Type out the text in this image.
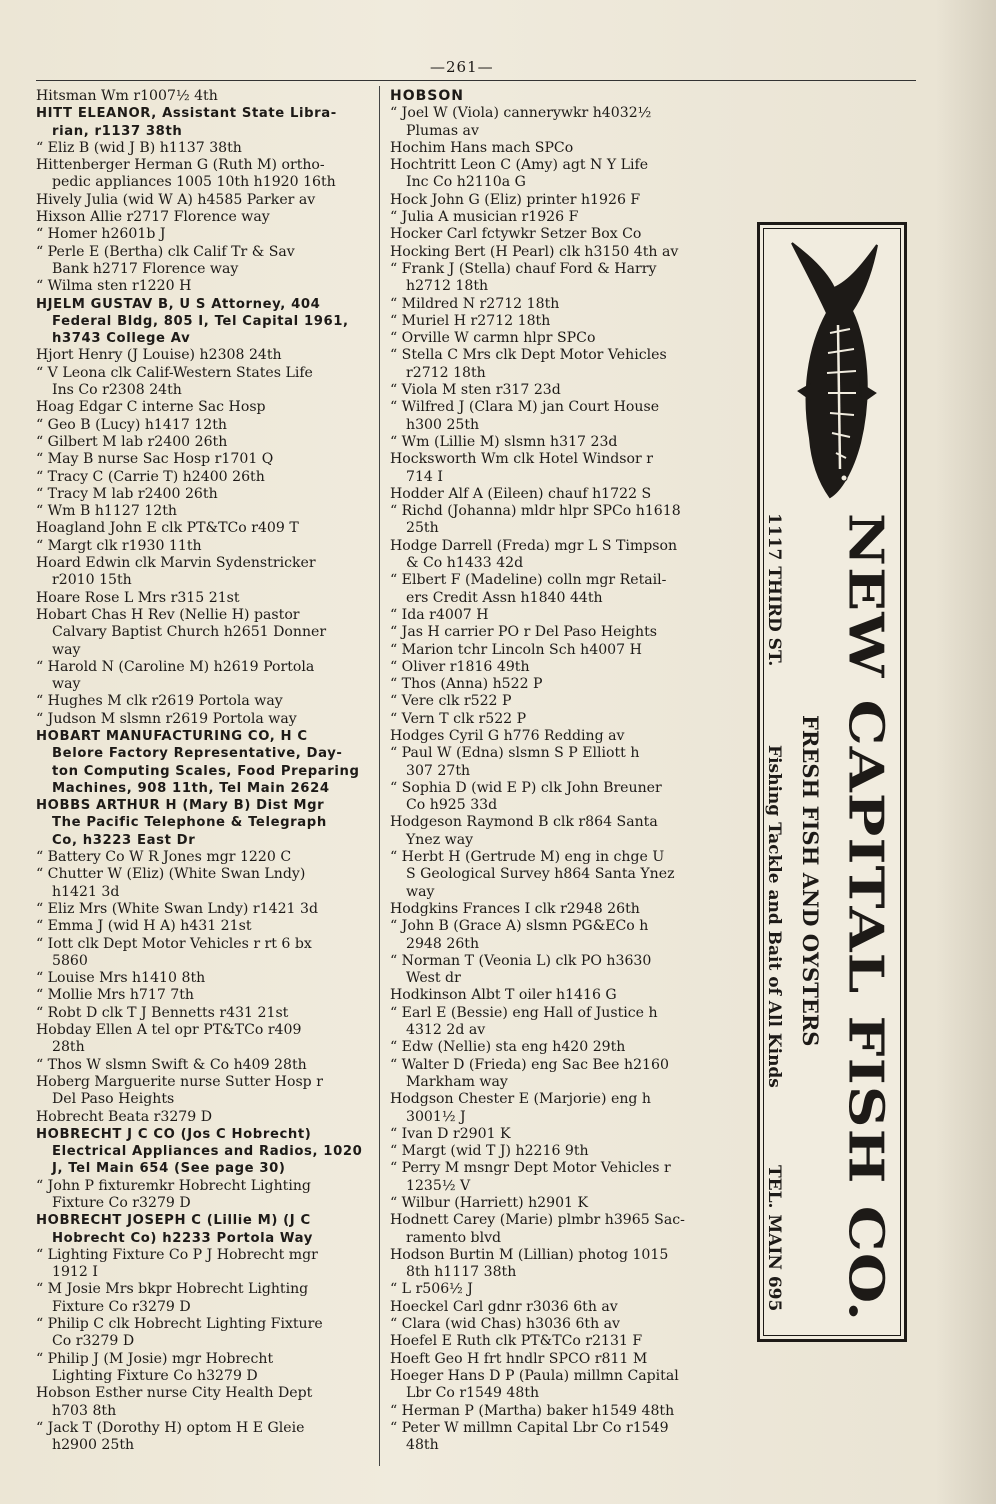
—261—
Hitsman Wm r1007½ 4th
HITT ELEANOR, Assistant State Libra-
rian, r1137 38th
“ Eliz B (wid J B) h1137 38th
Hittenberger Herman G (Ruth M) ortho-
pedic appliances 1005 10th h1920 16th
Hively Julia (wid W A) h4585 Parker av
Hixson Allie r2717 Florence way
“ Homer h2601b J
“ Perle E (Bertha) clk Calif Tr & Sav
Bank h2717 Florence way
“ Wilma sten r1220 H
HJELM GUSTAV B, U S Attorney, 404
Federal Bldg, 805 I, Tel Capital 1961,
h3743 College Av
Hjort Henry (J Louise) h2308 24th
“ V Leona clk Calif-Western States Life
Ins Co r2308 24th
Hoag Edgar C interne Sac Hosp
“ Geo B (Lucy) h1417 12th
“ Gilbert M lab r2400 26th
“ May B nurse Sac Hosp r1701 Q
“ Tracy C (Carrie T) h2400 26th
“ Tracy M lab r2400 26th
“ Wm B h1127 12th
Hoagland John E clk PT&TCo r409 T
“ Margt clk r1930 11th
Hoard Edwin clk Marvin Sydenstricker
r2010 15th
Hoare Rose L Mrs r315 21st
Hobart Chas H Rev (Nellie H) pastor
Calvary Baptist Church h2651 Donner
way
“ Harold N (Caroline M) h2619 Portola
way
“ Hughes M clk r2619 Portola way
“ Judson M slsmn r2619 Portola way
HOBART MANUFACTURING CO, H C
Belore Factory Representative, Day-
ton Computing Scales, Food Preparing
Machines, 908 11th, Tel Main 2624
HOBBS ARTHUR H (Mary B) Dist Mgr
The Pacific Telephone & Telegraph
Co, h3223 East Dr
“ Battery Co W R Jones mgr 1220 C
“ Chutter W (Eliz) (White Swan Lndy)
h1421 3d
“ Eliz Mrs (White Swan Lndy) r1421 3d
“ Emma J (wid H A) h431 21st
“ Iott clk Dept Motor Vehicles r rt 6 bx
5860
“ Louise Mrs h1410 8th
“ Mollie Mrs h717 7th
“ Robt D clk T J Bennetts r431 21st
Hobday Ellen A tel opr PT&TCo r409
28th
“ Thos W slsmn Swift & Co h409 28th
Hoberg Marguerite nurse Sutter Hosp r
Del Paso Heights
Hobrecht Beata r3279 D
HOBRECHT J C CO (Jos C Hobrecht)
Electrical Appliances and Radios, 1020
J, Tel Main 654 (See page 30)
“ John P fixturemkr Hobrecht Lighting
Fixture Co r3279 D
HOBRECHT JOSEPH C (Lillie M) (J C
Hobrecht Co) h2233 Portola Way
“ Lighting Fixture Co P J Hobrecht mgr
1912 I
“ M Josie Mrs bkpr Hobrecht Lighting
Fixture Co r3279 D
“ Philip C clk Hobrecht Lighting Fixture
Co r3279 D
“ Philip J (M Josie) mgr Hobrecht
Lighting Fixture Co h3279 D
Hobson Esther nurse City Health Dept
h703 8th
“ Jack T (Dorothy H) optom H E Gleie
h2900 25th
HOBSON
“ Joel W (Viola) cannerywkr h4032½
Plumas av
Hochim Hans mach SPCo
Hochtritt Leon C (Amy) agt N Y Life
Inc Co h2110a G
Hock John G (Eliz) printer h1926 F
“ Julia A musician r1926 F
Hocker Carl fctywkr Setzer Box Co
Hocking Bert (H Pearl) clk h3150 4th av
“ Frank J (Stella) chauf Ford & Harry
h2712 18th
“ Mildred N r2712 18th
“ Muriel H r2712 18th
“ Orville W carmn hlpr SPCo
“ Stella C Mrs clk Dept Motor Vehicles
r2712 18th
“ Viola M sten r317 23d
“ Wilfred J (Clara M) jan Court House
h300 25th
“ Wm (Lillie M) slsmn h317 23d
Hocksworth Wm clk Hotel Windsor r
714 I
Hodder Alf A (Eileen) chauf h1722 S
“ Richd (Johanna) mldr hlpr SPCo h1618
25th
Hodge Darrell (Freda) mgr L S Timpson
& Co h1433 42d
“ Elbert F (Madeline) colln mgr Retail-
ers Credit Assn h1840 44th
“ Ida r4007 H
“ Jas H carrier PO r Del Paso Heights
“ Marion tchr Lincoln Sch h4007 H
“ Oliver r1816 49th
“ Thos (Anna) h522 P
“ Vere clk r522 P
“ Vern T clk r522 P
Hodges Cyril G h776 Redding av
“ Paul W (Edna) slsmn S P Elliott h
307 27th
“ Sophia D (wid E P) clk John Breuner
Co h925 33d
Hodgeson Raymond B clk r864 Santa
Ynez way
“ Herbt H (Gertrude M) eng in chge U
S Geological Survey h864 Santa Ynez
way
Hodgkins Frances I clk r2948 26th
“ John B (Grace A) slsmn PG&ECo h
2948 26th
“ Norman T (Veonia L) clk PO h3630
West dr
Hodkinson Albt T oiler h1416 G
“ Earl E (Bessie) eng Hall of Justice h
4312 2d av
“ Edw (Nellie) sta eng h420 29th
“ Walter D (Frieda) eng Sac Bee h2160
Markham way
Hodgson Chester E (Marjorie) eng h
3001½ J
“ Ivan D r2901 K
“ Margt (wid T J) h2216 9th
“ Perry M msngr Dept Motor Vehicles r
1235½ V
“ Wilbur (Harriett) h2901 K
Hodnett Carey (Marie) plmbr h3965 Sac-
ramento blvd
Hodson Burtin M (Lillian) photog 1015
8th h1117 38th
“ L r506½ J
Hoeckel Carl gdnr r3036 6th av
“ Clara (wid Chas) h3036 6th av
Hoefel E Ruth clk PT&TCo r2131 F
Hoeft Geo H frt hndlr SPCO r811 M
Hoeger Hans D P (Paula) millmn Capital
Lbr Co r1549 48th
“ Herman P (Martha) baker h1549 48th
“ Peter W millmn Capital Lbr Co r1549
48th
NEW CAPITAL FISH CO.
FRESH FISH AND OYSTERS
1117 THIRD ST.
Fishing Tackle and Bait of All Kinds
TEL. MAIN 695
